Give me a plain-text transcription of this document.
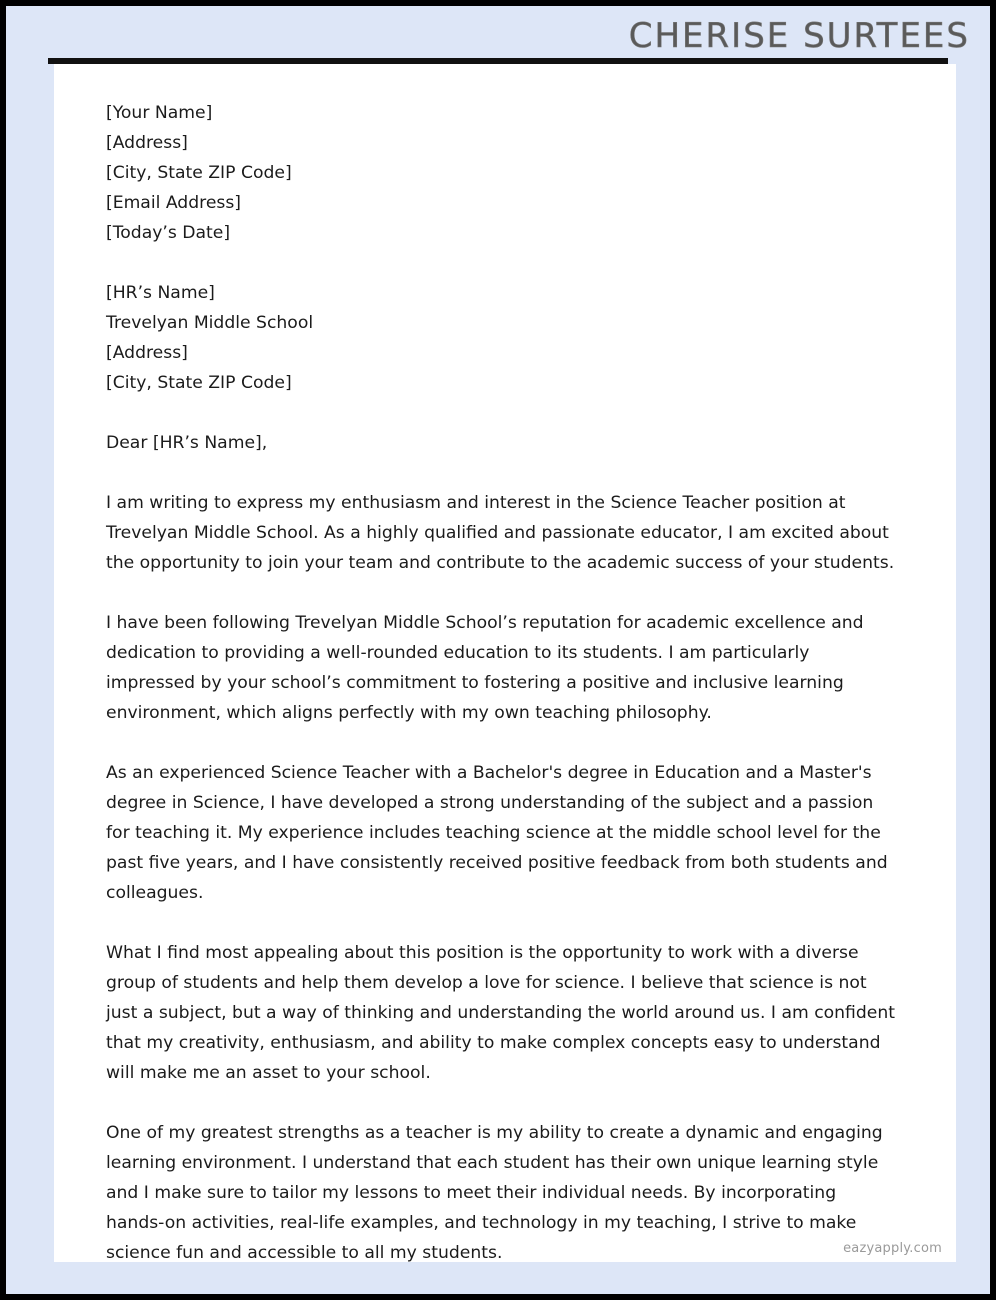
CHERISE SURTEES
[Your Name]
[Address]
[City, State ZIP Code]
[Email Address]
[Today’s Date]
[HR’s Name]
Trevelyan Middle School
[Address]
[City, State ZIP Code]
Dear [HR’s Name],

I am writing to express my enthusiasm and interest in the Science Teacher position at Trevelyan Middle School. As a highly qualified and passionate educator, I am excited about the opportunity to join your team and contribute to the academic success of your students.

I have been following Trevelyan Middle School’s reputation for academic excellence and dedication to providing a well-rounded education to its students. I am particularly impressed by your school’s commitment to fostering a positive and inclusive learning environment, which aligns perfectly with my own teaching philosophy.

As an experienced Science Teacher with a Bachelor's degree in Education and a Master's degree in Science, I have developed a strong understanding of the subject and a passion for teaching it. My experience includes teaching science at the middle school level for the past five years, and I have consistently received positive feedback from both students and colleagues.

What I find most appealing about this position is the opportunity to work with a diverse group of students and help them develop a love for science. I believe that science is not just a subject, but a way of thinking and understanding the world around us. I am confident that my creativity, enthusiasm, and ability to make complex concepts easy to understand will make me an asset to your school.

One of my greatest strengths as a teacher is my ability to create a dynamic and engaging learning environment. I understand that each student has their own unique learning style and I make sure to tailor my lessons to meet their individual needs. By incorporating hands-on activities, real-life examples, and technology in my teaching, I strive to make science fun and accessible to all my students.	eazyapply.com
